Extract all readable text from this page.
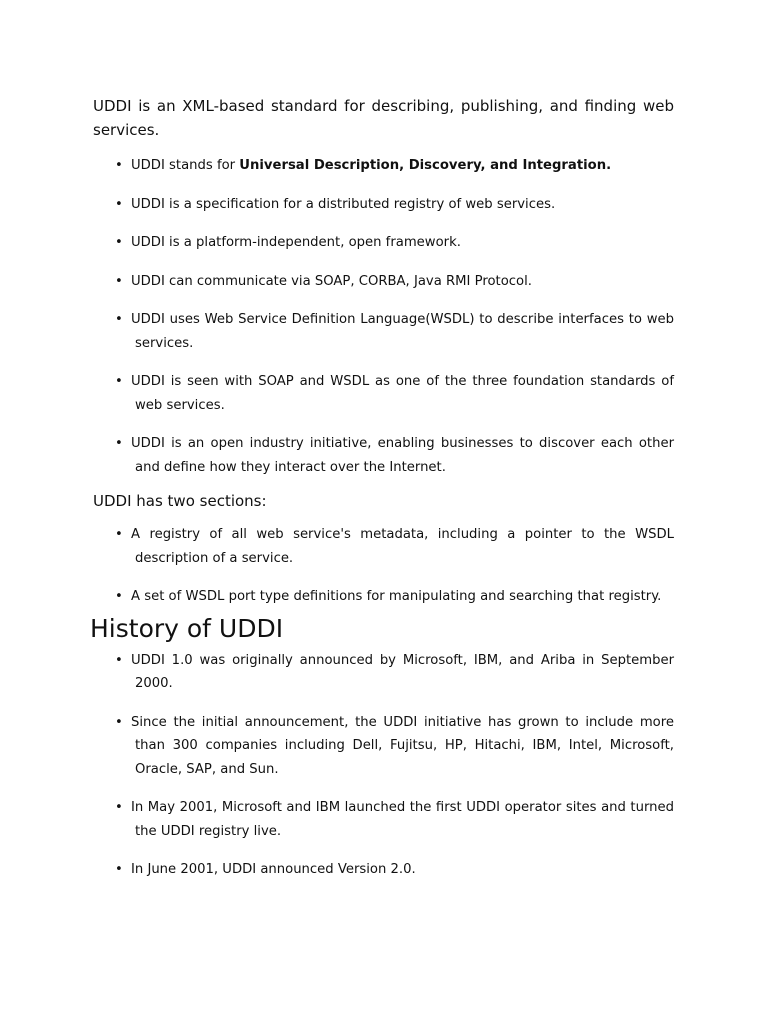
UDDI is an XML-based standard for describing, publishing, and finding web services.

• UDDI stands for Universal Description, Discovery, and Integration.
• UDDI is a specification for a distributed registry of web services.
• UDDI is a platform-independent, open framework.
• UDDI can communicate via SOAP, CORBA, Java RMI Protocol.
• UDDI uses Web Service Definition Language(WSDL) to describe interfaces to web services.
• UDDI is seen with SOAP and WSDL as one of the three foundation standards of web services.
• UDDI is an open industry initiative, enabling businesses to discover each other and define how they interact over the Internet.

UDDI has two sections:

• A registry of all web service's metadata, including a pointer to the WSDL description of a service.
• A set of WSDL port type definitions for manipulating and searching that registry.
History of UDDI
• UDDI 1.0 was originally announced by Microsoft, IBM, and Ariba in September 2000.
• Since the initial announcement, the UDDI initiative has grown to include more than 300 companies including Dell, Fujitsu, HP, Hitachi, IBM, Intel, Microsoft, Oracle, SAP, and Sun.
• In May 2001, Microsoft and IBM launched the first UDDI operator sites and turned the UDDI registry live.
• In June 2001, UDDI announced Version 2.0.
